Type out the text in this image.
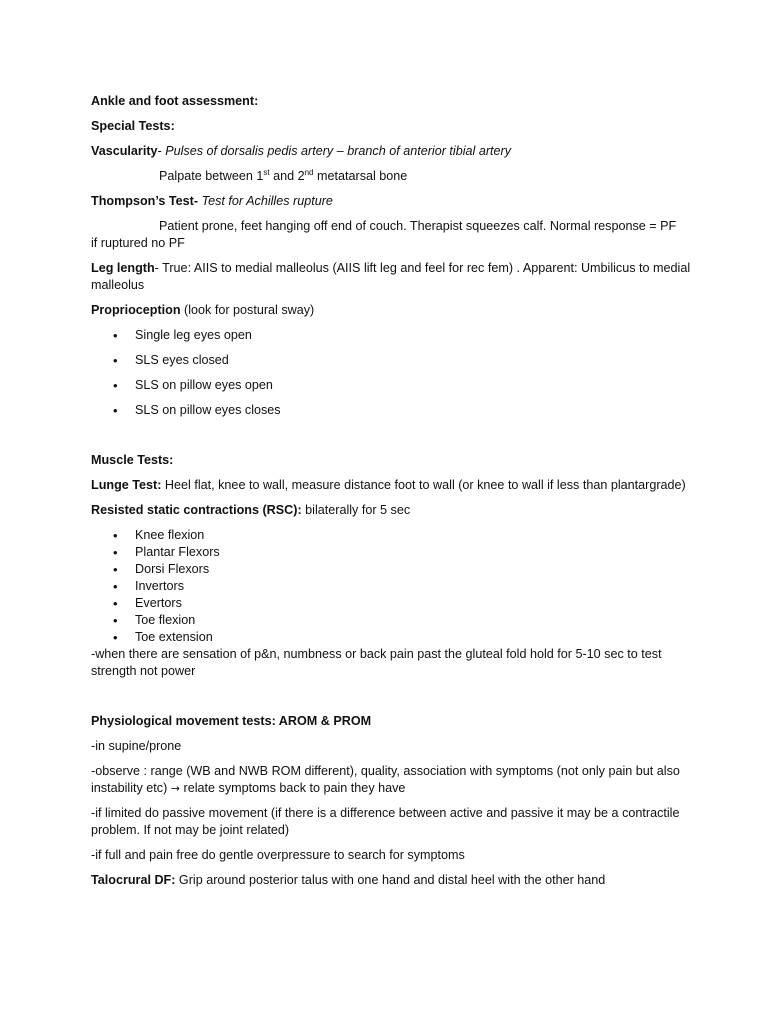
Ankle and foot assessment:

Special Tests:

Vascularity- Pulses of dorsalis pedis artery – branch of anterior tibial artery

Palpate between 1st and 2nd metatarsal bone

Thompson’s Test- Test for Achilles rupture

Patient prone, feet hanging off end of couch. Therapist squeezes calf. Normal response = PF

if ruptured no PF

Leg length- True: AIIS to medial malleolus (AIIS lift leg and feel for rec fem) . Apparent: Umbilicus to medial malleolus

Proprioception (look for postural sway)

• Single leg eyes open
• SLS eyes closed
• SLS on pillow eyes open
• SLS on pillow eyes closes

Muscle Tests:

Lunge Test: Heel flat, knee to wall, measure distance foot to wall (or knee to wall if less than plantargrade)

Resisted static contractions (RSC): bilaterally for 5 sec

• Knee flexion
• Plantar Flexors
• Dorsi Flexors
• Invertors
• Evertors
• Toe flexion
• Toe extension

-when there are sensation of p&n, numbness or back pain past the gluteal fold hold for 5-10 sec to test strength not power

Physiological movement tests: AROM & PROM

-in supine/prone

-observe : range (WB and NWB ROM different), quality, association with symptoms (not only pain but also instability etc) → relate symptoms back to pain they have

-if limited do passive movement (if there is a difference between active and passive it may be a contractile problem. If not may be joint related)

-if full and pain free do gentle overpressure to search for symptoms

Talocrural DF: Grip around posterior talus with one hand and distal heel with the other hand
